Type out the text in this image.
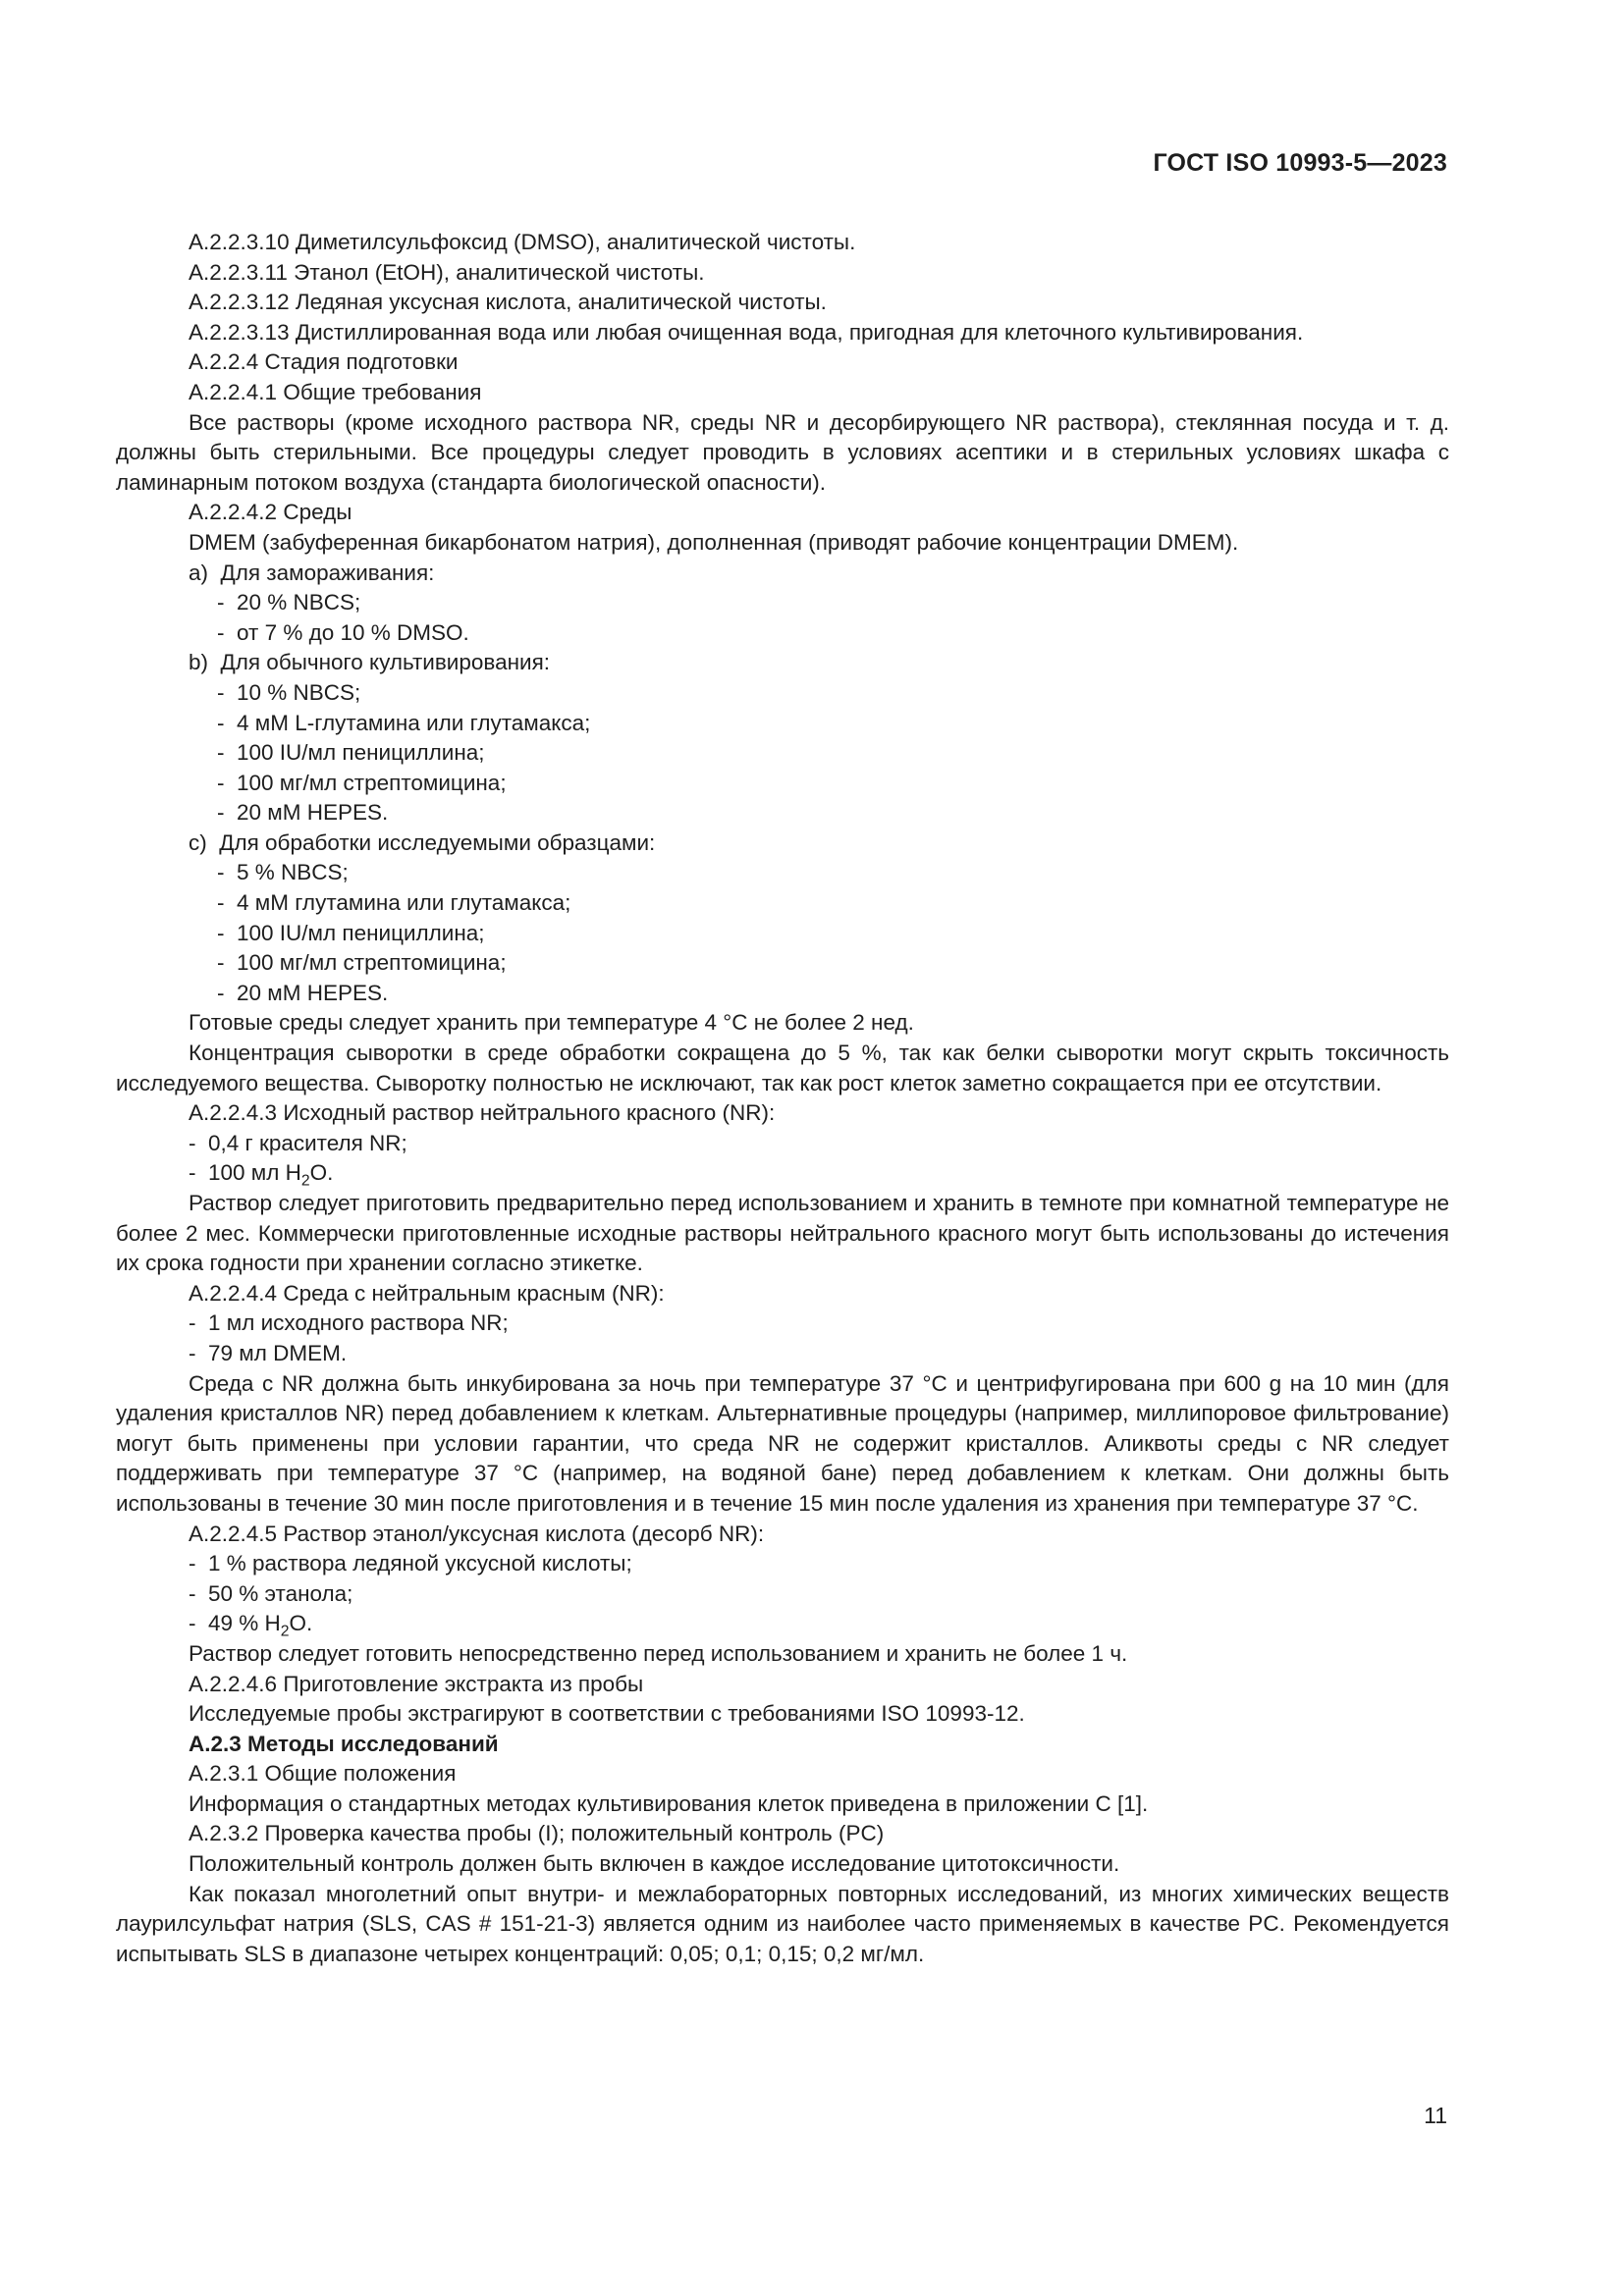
ГОСТ ISO 10993-5—2023

А.2.2.3.10 Диметилсульфоксид (DMSO), аналитической чистоты.

А.2.2.3.11 Этанол (EtOH), аналитической чистоты.

А.2.2.3.12 Ледяная уксусная кислота, аналитической чистоты.

А.2.2.3.13 Дистиллированная вода или любая очищенная вода, пригодная для клеточного культивирования.

А.2.2.4 Стадия подготовки

А.2.2.4.1 Общие требования

Все растворы (кроме исходного раствора NR, среды NR и десорбирующего NR раствора), стеклянная посуда и т. д. должны быть стерильными. Все процедуры следует проводить в условиях асептики и в стерильных условиях шкафа с ламинарным потоком воздуха (стандарта биологической опасности).

А.2.2.4.2 Среды

DMEM (забуференная бикарбонатом натрия), дополненная (приводят рабочие концентрации DMEM).

a)  Для замораживания:

-  20 % NBCS;

-  от 7 % до 10 % DMSO.

b)  Для обычного культивирования:

-  10 % NBCS;

-  4 мМ L-глутамина или глутамакса;

-  100 IU/мл пенициллина;

-  100 мг/мл стрептомицина;

-  20 мМ HEPES.

c)  Для обработки исследуемыми образцами:

-  5 % NBCS;

-  4 мМ глутамина или глутамакса;

-  100 IU/мл пенициллина;

-  100 мг/мл стрептомицина;

-  20 мМ HEPES.

Готовые среды следует хранить при температуре 4 °С не более 2 нед.

Концентрация сыворотки в среде обработки сокращена до 5 %, так как белки сыворотки могут скрыть токсичность исследуемого вещества. Сыворотку полностью не исключают, так как рост клеток заметно сокращается при ее отсутствии.

А.2.2.4.3 Исходный раствор нейтрального красного (NR):

-  0,4 г красителя NR;

-  100 мл $H_2O$.

Раствор следует приготовить предварительно перед использованием и хранить в темноте при комнатной температуре не более 2 мес. Коммерчески приготовленные исходные растворы нейтрального красного могут быть использованы до истечения их срока годности при хранении согласно этикетке.

А.2.2.4.4 Среда с нейтральным красным (NR):

-  1 мл исходного раствора NR;

-  79 мл DMEM.

Среда с NR должна быть инкубирована за ночь при температуре 37 °С и центрифугирована при 600 g на 10 мин (для удаления кристаллов NR) перед добавлением к клеткам. Альтернативные процедуры (например, миллипоровое фильтрование) могут быть применены при условии гарантии, что среда NR не содержит кристаллов. Аликвоты среды с NR следует поддерживать при температуре 37 °С (например, на водяной бане) перед добавлением к клеткам. Они должны быть использованы в течение 30 мин после приготовления и в течение 15 мин после удаления из хранения при температуре 37 °С.

А.2.2.4.5 Раствор этанол/уксусная кислота (десорб NR):

-  1 % раствора ледяной уксусной кислоты;

-  50 % этанола;

-  49 % $H_2O$.

Раствор следует готовить непосредственно перед использованием и хранить не более 1 ч.

А.2.2.4.6 Приготовление экстракта из пробы

Исследуемые пробы экстрагируют в соответствии с требованиями ISO 10993-12.

А.2.3 Методы исследований

А.2.3.1 Общие положения

Информация о стандартных методах культивирования клеток приведена в приложении С [1].

А.2.3.2 Проверка качества пробы (I); положительный контроль (PC)

Положительный контроль должен быть включен в каждое исследование цитотоксичности.

Как показал многолетний опыт внутри- и межлабораторных повторных исследований, из многих химических веществ лаурилсульфат натрия (SLS, CAS # 151-21-3) является одним из наиболее часто применяемых в качестве PC. Рекомендуется испытывать SLS в диапазоне четырех концентраций: 0,05; 0,1; 0,15; 0,2 мг/мл.

11
